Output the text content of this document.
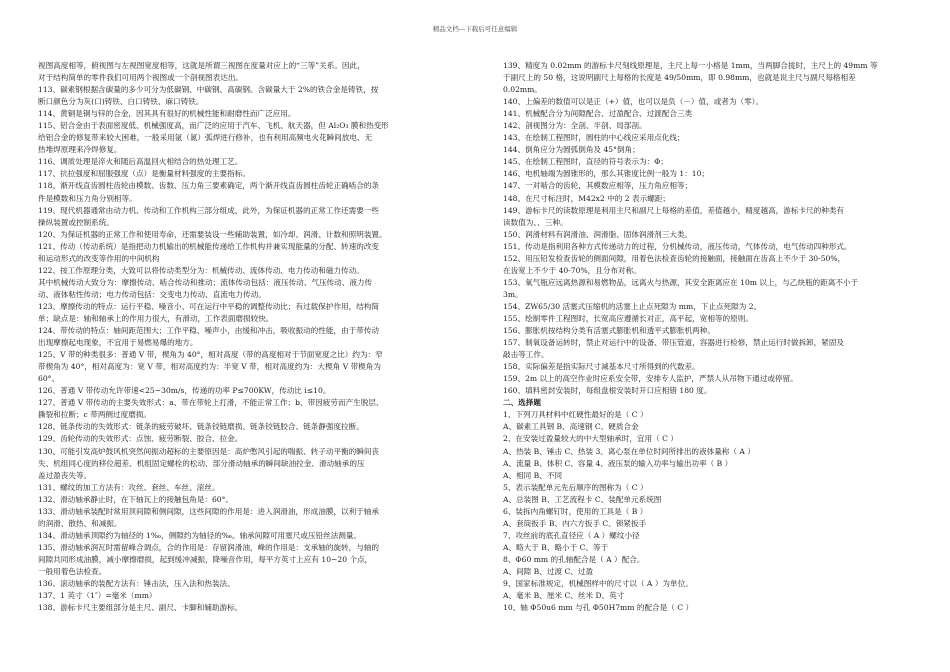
精品文档---下载后可任意编辑
视图高度相等，俯视图与左视图宽度相等，这就是所谓三视图在度量对应上的“三等”关系。因此，
对于结构简单的零件我们可用两个视图或一个剖视图表达出。
113、碳素钢根据含碳量的多少可分为低碳钢、中碳钢、高碳钢。含碳量大于 2%的铁合金是铸铁，按
断口颜色分为灰(口)铸铁、白口铸铁、麻口铸铁。
114、黄铜是铜与锌的合金，因其具有很好的机械性能和耐磨性而广泛应用。
115、铝合金由于表面密度低、机械强度高，而广泛的应用于汽车、飞机、航天器，但 Al₂O₃ 膜和热变形
给铝合金的修复带来较大困难，一般采用氩（氮）弧焊进行修补，也有利用高频电火花瞬间放电、无
热堆焊原理来冷焊修复。
116、调质处理是淬火和随后高温回火相结合的热处理工艺。
117、抗拉强度和屈服强度（点）是衡量材料强度的主要指标。
118、渐开线直齿圆柱齿轮由模数、齿数、压力角三要素确定，两个渐开线直齿圆柱齿轮正确啮合的条
件是模数和压力角分别相等。
119、现代机器通常由动力机、传动和工作机构三部分组成，此外，为保证机器的正常工作还需要一些
操纵装置或控制系统。
120、为保证机器的正常工作和使用寿命，还需要装设一些辅助装置，如冷却、润滑、计数和照明装置。
121、传动（传动系统）是指把动力机输出的机械能传递给工作机构并兼实现能量的分配、转速的改变
和运动形式的改变等作用的中间机构
122、按工作原理分类，大致可以将传动类型分为：机械传动、流体传动、电力传动和磁力传动。
其中机械传动大致分为：摩擦传动、啮合传动和推动；流体传动包括：液压传动、气压传动、液力传
动、液体粘性传动；电力传动包括：交变电力传动、直流电力传动。
123、摩擦传动的特点：运行平稳、噪音小、可在运行中平稳的调整传动比；有过载保护作用，结构简
单；缺点是：轴和轴承上的作用力很大，有滑动，工作表面磨损较快。
124、带传动的特点：轴间距范围大；工作平稳、噪声小，由缓和冲击，吸收振动的性能，由于带传动
出现摩擦起电现象，不宜用于易燃易爆的地方。
125、V 带的种类很多：普通 V 带，楔角为 40°，相对高度（带的高度相对于节面宽度之比）约为：窄
带楔角为 40°，相对高度为：宽 V 带，相对高度约为：半宽 V 带，相对高度约为：大楔角 V 带楔角为
60°。
126、普通 V 带传动允许带速<25~30m/s，传递的功率 P≤700KW，传动比 i≤10。
127、普通 V 带传动的主要失效形式：a、带在带轮上打滑，不能正常工作；b、带因疲劳而产生脱层、
撕裂和拉断；c 带两侧过度磨损。
128、链条传动的失效形式：链条的疲劳破坏、链条铰链磨损、链条铰链胶合、链条静强度拉断。
129、齿轮传动的失效形式：点蚀、疲劳断裂、胶合、拉金。
130、可能引发高炉鼓风机突然间振动超标的主要原因是：高炉憋风引起的喘振、转子动平衡的瞬间丧
失、机组同心度的移位超差、机组固定螺栓的松动、部分滑动轴承的瞬间缺油拉金、滑动轴承的压
盖过盈丧失等。
131、螺纹的加工方法有：攻丝、套丝、车丝、滚丝。
132、滑动轴承静止时，在下轴瓦上的接触包角是：60°。
133、滑动轴承装配时常用顶间隙和侧间隙，这些间隙的作用是：进入润滑油，形成油膜，以利于轴承
的润滑、散热、和减振。
134、滑动轴承顶隙约为轴径的 1‰，侧隙约为轴径的‰。轴承间隙可用塞尺或压铅丝法测量。
135、滑动轴承润瓦时需留峰合调点，合的作用是：存留润滑油，峰的作用是：支承轴的旋转，与轴的
间隙共同形成油膜，减小摩擦磨损，起到缓冲减振，降噪音作用，每平方英寸上应有 10~20 个点，
一般用着色法检查。
136、滚动轴承的装配方法有：锤击法，压入法和热装法。
137、1 英寸（1″）=毫米（mm）
138、游标卡尺主要组部分是主尺、副尺、卡脚和辅助游标。
139、精度为 0.02mm 的游标卡尺刻线原理是，主尺上每一小格是 1mm，当两脚合拢时，主尺上的 49mm 等
于副尺上的 50 格，这说明副尺上每格的长度是 49/50mm，即 0.98mm，也就是说主尺与副尺每格相差
0.02mm。
140、上偏差的数值可以是正（+）值，也可以是负（－）值，或者为（零）。
141、机械配合分为间隙配合、过盈配合、过渡配合三类
142、剖视图分为：全剖、半剖、局部剖。
143、在绘制工程图时，圆柱的中心线应采用点化线；
144、倒角应分为圆弧倒角及 45°倒角；
145、在绘制工程图时，直径的符号表示为：Φ；
146、电机轴端为圆锥形的，那么其锥度比例一般为 1：10；
147、一对啮合的齿轮，其模数应相等，压力角应相等；
148、在尺寸标注时，M42x2 中的 2 表示螺距；
149、游标卡尺的读数原理是利用主尺和副尺上每格的差值，差值越小，精度越高，游标卡尺的种类有
读数值为、、三种。
150、润滑材料有润滑油、润滑脂、固体润滑剂三大类。
151、传动是指利用各种方式传递动力的过程，分机械传动，液压传动，气体传动，电气传动四种形式。
152、用压铅发检查齿轮的侧面间隙，用着色法检查齿轮的接触面，接触面在齿高上不少于 30-50%，
在齿宽上不少于 40-70%，且分布对称。
153、氧气瓶应远离热源和易燃物品，远离火与热源，其安全距离应在 10m 以上，与乙炔瓶的距离不小于
3m。
154、ZW65/30 活塞式压缩机的活塞上止点死隙为 mm，下止点死隙为 2。
155、绘制零件工程图时，长宽高应遵循长对正，高平起，宽相等的原则。
156、膨胀机按结构分类有活塞式膨胀机和透平式膨胀机两种。
157、制氧设备运转时，禁止对运行中的设备、带压管道，容器进行检修，禁止运行时做拆卸，紧固及
敲击等工作。
158、实际偏差是指实际尺寸减基本尺寸所得到的代数差。
159、2m 以上的高空作业时应系安全带，安排专人监护，严禁人从吊物下通过或停留。
160、填料密封安装时，每组盘根安装时开口应相错 180 度。
二、选择题
1、下列刀具材料中红硬性最好的是（ C ）
A、碳素工具钢 B、高速钢 C、硬质合金
2、在安装过盈量较大的中大型轴承时，宜用（ C ）
A、热装 B、锤击 C、热装 3、离心泵在单位时间所排出的液体量称（ A ）
A、流量 B、体积 C、容量 4、液压泵的输入功率与输出功率（ B ）
A、相同 B、不同
5、表示装配单元先后顺序的图称为（ C ）
A、总装图 B、工艺流程卡 C、装配单元系统图
6、装拆内角螺钉时，使用的工具是（ B ）
A、套筒扳手 B、内六方扳手 C、锁紧扳手
7、攻丝前的底孔直径应（ A ）螺纹小径
A、略大于 B、略小于 C、等于
8、Φ60 mm 的孔轴配合是（ A ）配合。
A、间隙 B、过渡 C、过盈
9、国家标准规定，机械图样中的尺寸以（ A ）为单位。
A、毫米 B、厘米 C、丝米 D、英寸
10、轴 Φ50u6 mm 与孔 Φ50H7mm 的配合是（ C ）
